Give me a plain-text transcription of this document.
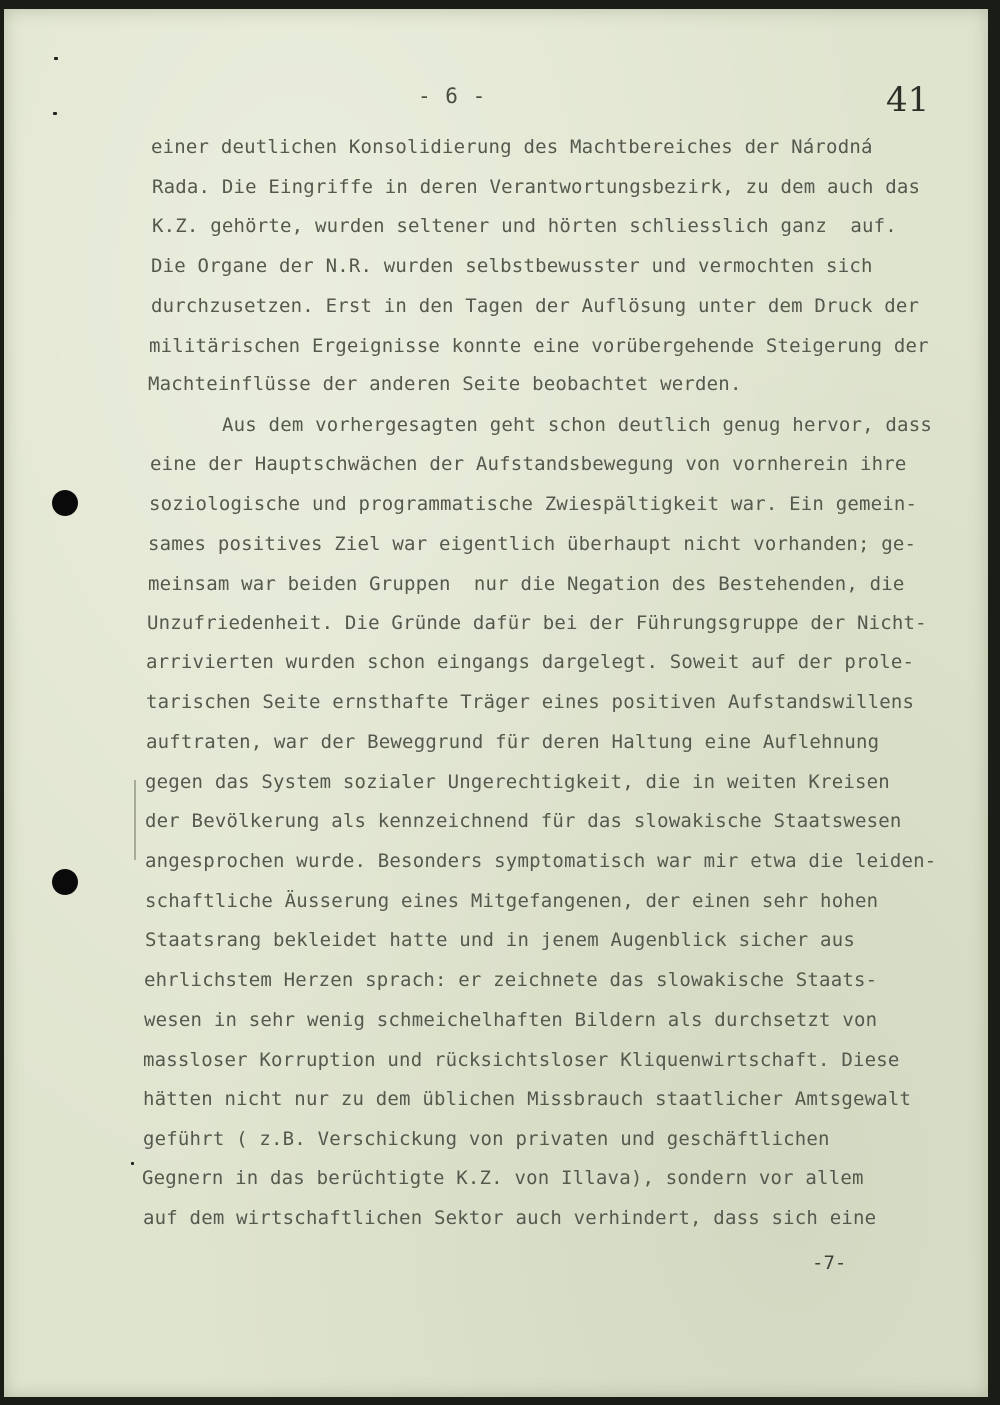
- 6 -	41
einer deutlichen Konsolidierung des Machtbereiches der Národná
Rada. Die Eingriffe in deren Verantwortungsbezirk, zu dem auch das
K.Z. gehörte, wurden seltener und hörten schliesslich ganz  auf.
Die Organe der N.R. wurden selbstbewusster und vermochten sich
durchzusetzen. Erst in den Tagen der Auflösung unter dem Druck der
militärischen Ergeignisse konnte eine vorübergehende Steigerung der
Machteinflüsse der anderen Seite beobachtet werden.
Aus dem vorhergesagten geht schon deutlich genug hervor, dass
eine der Hauptschwächen der Aufstandsbewegung von vornherein ihre
soziologische und programmatische Zwiespältigkeit war. Ein gemein-
sames positives Ziel war eigentlich überhaupt nicht vorhanden; ge-
meinsam war beiden Gruppen  nur die Negation des Bestehenden, die
Unzufriedenheit. Die Gründe dafür bei der Führungsgruppe der Nicht-
arrivierten wurden schon eingangs dargelegt. Soweit auf der prole-
tarischen Seite ernsthafte Träger eines positiven Aufstandswillens
auftraten, war der Beweggrund für deren Haltung eine Auflehnung
gegen das System sozialer Ungerechtigkeit, die in weiten Kreisen
der Bevölkerung als kennzeichnend für das slowakische Staatswesen
angesprochen wurde. Besonders symptomatisch war mir etwa die leiden-
schaftliche Äusserung eines Mitgefangenen, der einen sehr hohen
Staatsrang bekleidet hatte und in jenem Augenblick sicher aus
ehrlichstem Herzen sprach: er zeichnete das slowakische Staats-
wesen in sehr wenig schmeichelhaften Bildern als durchsetzt von
massloser Korruption und rücksichtsloser Kliquenwirtschaft. Diese
hätten nicht nur zu dem üblichen Missbrauch staatlicher Amtsgewalt
geführt ( z.B. Verschickung von privaten und geschäftlichen
Gegnern in das berüchtigte K.Z. von Illava), sondern vor allem
auf dem wirtschaftlichen Sektor auch verhindert, dass sich eine
-7-
